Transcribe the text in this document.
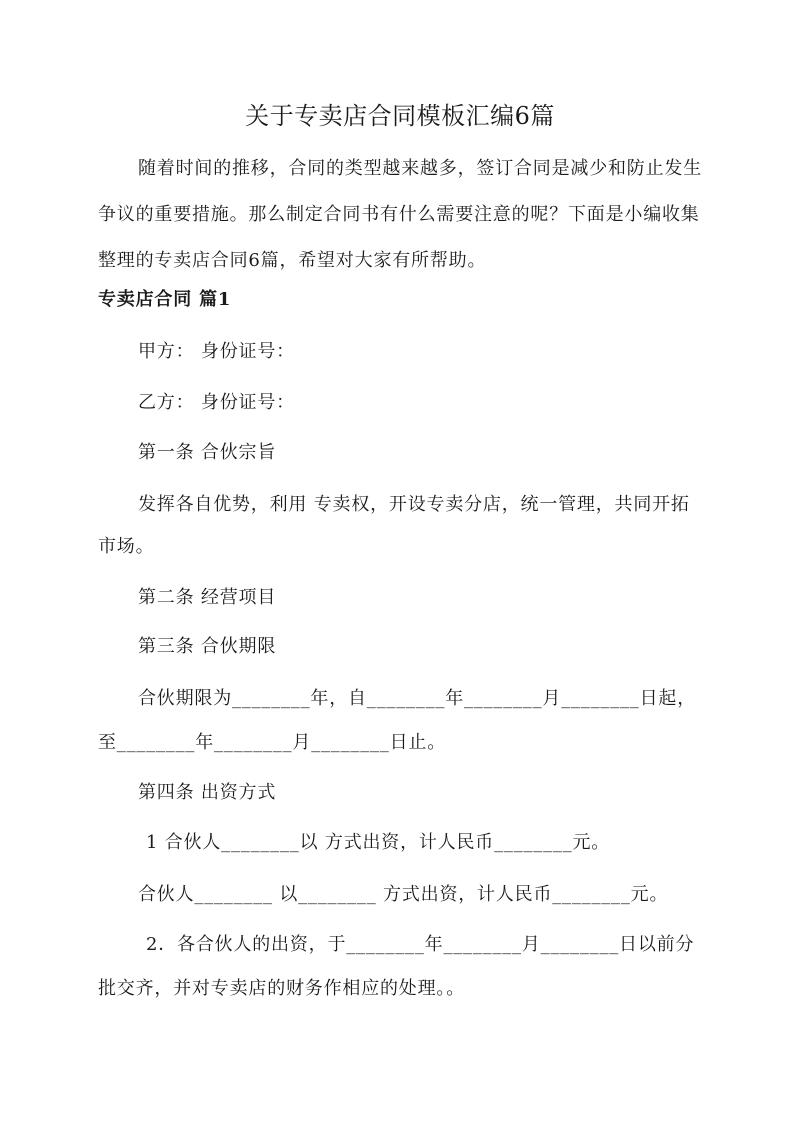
关于专卖店合同模板汇编6篇
随着时间的推移，合同的类型越来越多，签订合同是减少和防止发生争议的重要措施。那么制定合同书有什么需要注意的呢？下面是小编收集整理的专卖店合同6篇，希望对大家有所帮助。
专卖店合同 篇1
甲方： 身份证号：
乙方： 身份证号：
第一条 合伙宗旨
发挥各自优势，利用 专卖权，开设专卖分店，统一管理，共同开拓
市场。
第二条 经营项目
第三条 合伙期限
合伙期限为________年，自________年________月________日起，
至________年________月________日止。
第四条 出资方式
1 合伙人________以 方式出资，计人民币________元。
合伙人________ 以________ 方式出资，计人民币________元。
2．各合伙人的出资，于________年________月________日以前分
批交齐，并对专卖店的财务作相应的处理。。
